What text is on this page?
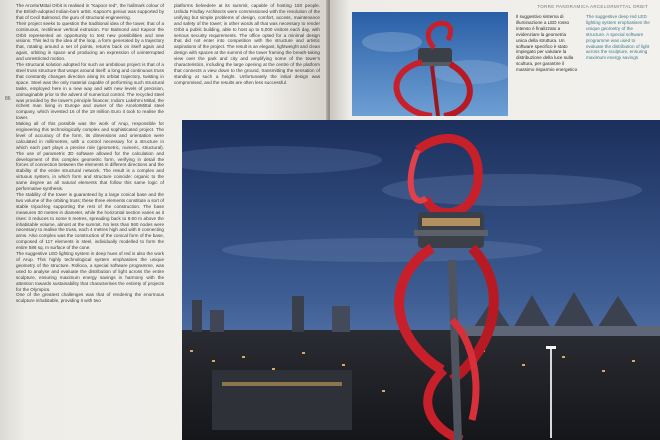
86

The ArcelorMittal Orbit is realised in "Kapoor red", the hallmark colour of the British-adopted Indian-born artist. Kapoor's genius was supported by that of Cecil Balmond, the guru of structural engineering.

Their project seeks to question the traditional idea of the tower, that of a continuous, rectilinear vertical extrusion. For Balmond and Kapoor the Orbit represented an opportunity to test new possibilities and new visions. This led to the idea of the loop, a form generated by a trajectory that, rotating around a set of points, returns back on itself again and again, orbiting in space and producing an expression of uninterrupted and unrestricted motion.

The structural solution adopted for such an ambitious project is that of a steel truss structure that wraps around itself: a long and continuous truss that constantly changes direction along its orbital trajectory, twisting in space. Steel was the only material capable of performing such structural tasks, employed here in a new way and with new levels of precision, unimaginable prior to the advent of numerical control. The recycled steel was provided by the tower's principle financer, India's Lakshmi Mittal, the richest man living in Europe and owner of the ArcelorMittal steel company, which invested 16 of the 19 million Euro it took to realise the tower.

Making all of this possible was the work of Arup, responsible for engineering this technologically complex and sophisticated project. The level of accuracy of the form, its dimensions and orientation were calculated in millimetres, with a control necessary for a structure in which each part plays a precise role (geometric, numeric, structural). The use of parametric 3D software allowed for the calculation and development of this complex geometric form, verifying in detail the forces of connection between the elements in different directions and the stability of the entire structural network. The result is a complex and virtuous system, in which form and structure coincide: organic to the same degree as all natural elements that follow this same logic of performative synthesis.

The stability of the tower is guaranteed by a large conical base and the two volume of the orbiting truss; these three elements constitute a sort of stable tripod-leg supporting the rest of the construction. The base measures 30 metres in diameter, while the horizontal section varies as it rises: it reduces to some 5 metres, spreading back to 9.60 m above the inhabitable volume, almost at the summit. No less than 560 nodes were necessary to realise the truss, each 4 metres high and with 8 connecting arms. Also complex was the construction of the conical form of the base, composed of 117 elements in steel, individually modelled to form the entire 586 sq. m surface of the cone.

The suggestive LED lighting system in deep hues of red is also the work of Arup. This highly technological system emphasises the unique geometry of the structure. Rolloca, a special software programme, was used to analyse and evaluate the distribution of light across the entire sculpture, ensuring maximum energy savings in harmony with the attention towards sustainability that characterises the entirety of projects for the Olympics.

One of the greatest challenges was that of rendering the enormous sculpture inhabitable, providing it with two

platforms belvedere at its summit, capable of hosting 150 people. Ushida Findlay Architects were commissioned with the resolution of the unifying but simple problems of design, comfort, access, maintenance and safety of the tower; in other words all that was necessary to render Orbit a public building, able to host up to 5,000 visitors each day, with serious security requirements. The office opted for a minimal design that did not enter into competition with the structure and artistic aspirations of the project. The result is an elegant, lightweight and clean design with spaces at the summit of the tower framing the breath-taking view over the park and city and amplifying some of the tower's characteristics, including the large opening at the centre of the platform that connects a view down to the ground, transmitting the sensation of standing at such a height. Unfortunately the initial design was compromised, and the results are often less successful.

TORRE PANORAMICA ARCELORMITTAL ORBIT
Il suggestivo sistema di illuminazione a LED rosso intenso è finalizzato a evidenziare la geometria unica della struttura. Un software specifico è stato impiegato per valutare la distribuzione della luce sulla scultura, per garantire il massimo risparmio energetico
The suggestive deep red LED lighting system emphasises the unique geometry of the structure. A special software programme was used to evaluate the distribution of light across the sculpture, ensuring maximum energy savings
